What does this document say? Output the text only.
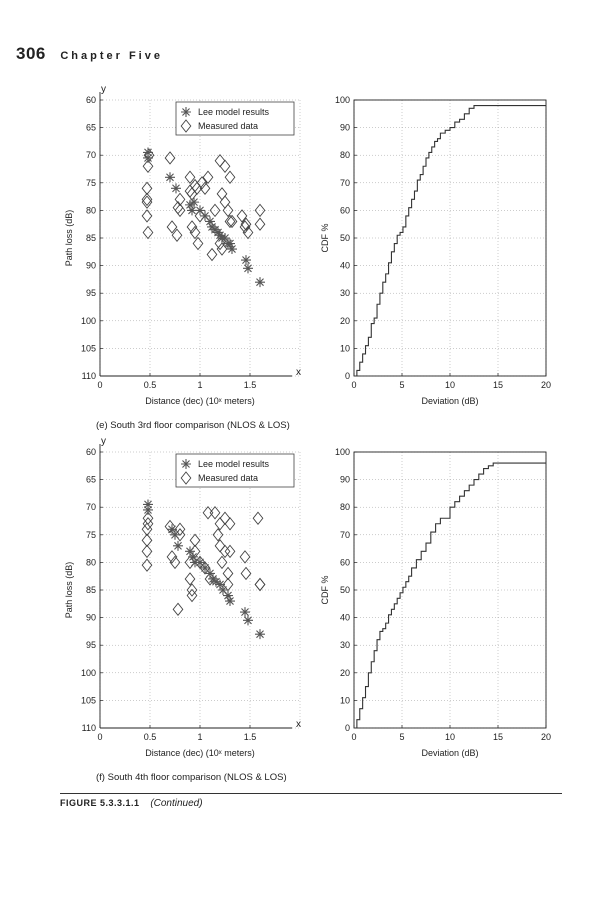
306 Chapter Five
y
x
60
65
70
75
80
85
90
95
100
105
110
0	0.5	1	1.5
Distance (dec) (10ˣ meters)
Path loss (dB)
Lee model results
Measured data
0
10
20
30
40
50
60
70
80
90
100
0	5	10	15	20
Deviation (dB)
CDF %
y
x
60
65
70
75
80
85
90
95
100
105
110
0	0.5	1	1.5
Distance (dec) (10ˣ meters)
Path loss (dB)
Lee model results
Measured data
0
10
20
30
40
50
60
70
80
90
100
0	5	10	15	20
Deviation (dB)
CDF %
(e) South 3rd floor comparison (NLOS & LOS)
(f) South 4th floor comparison (NLOS & LOS)
FIGURE 5.3.3.1.1 (Continued)
